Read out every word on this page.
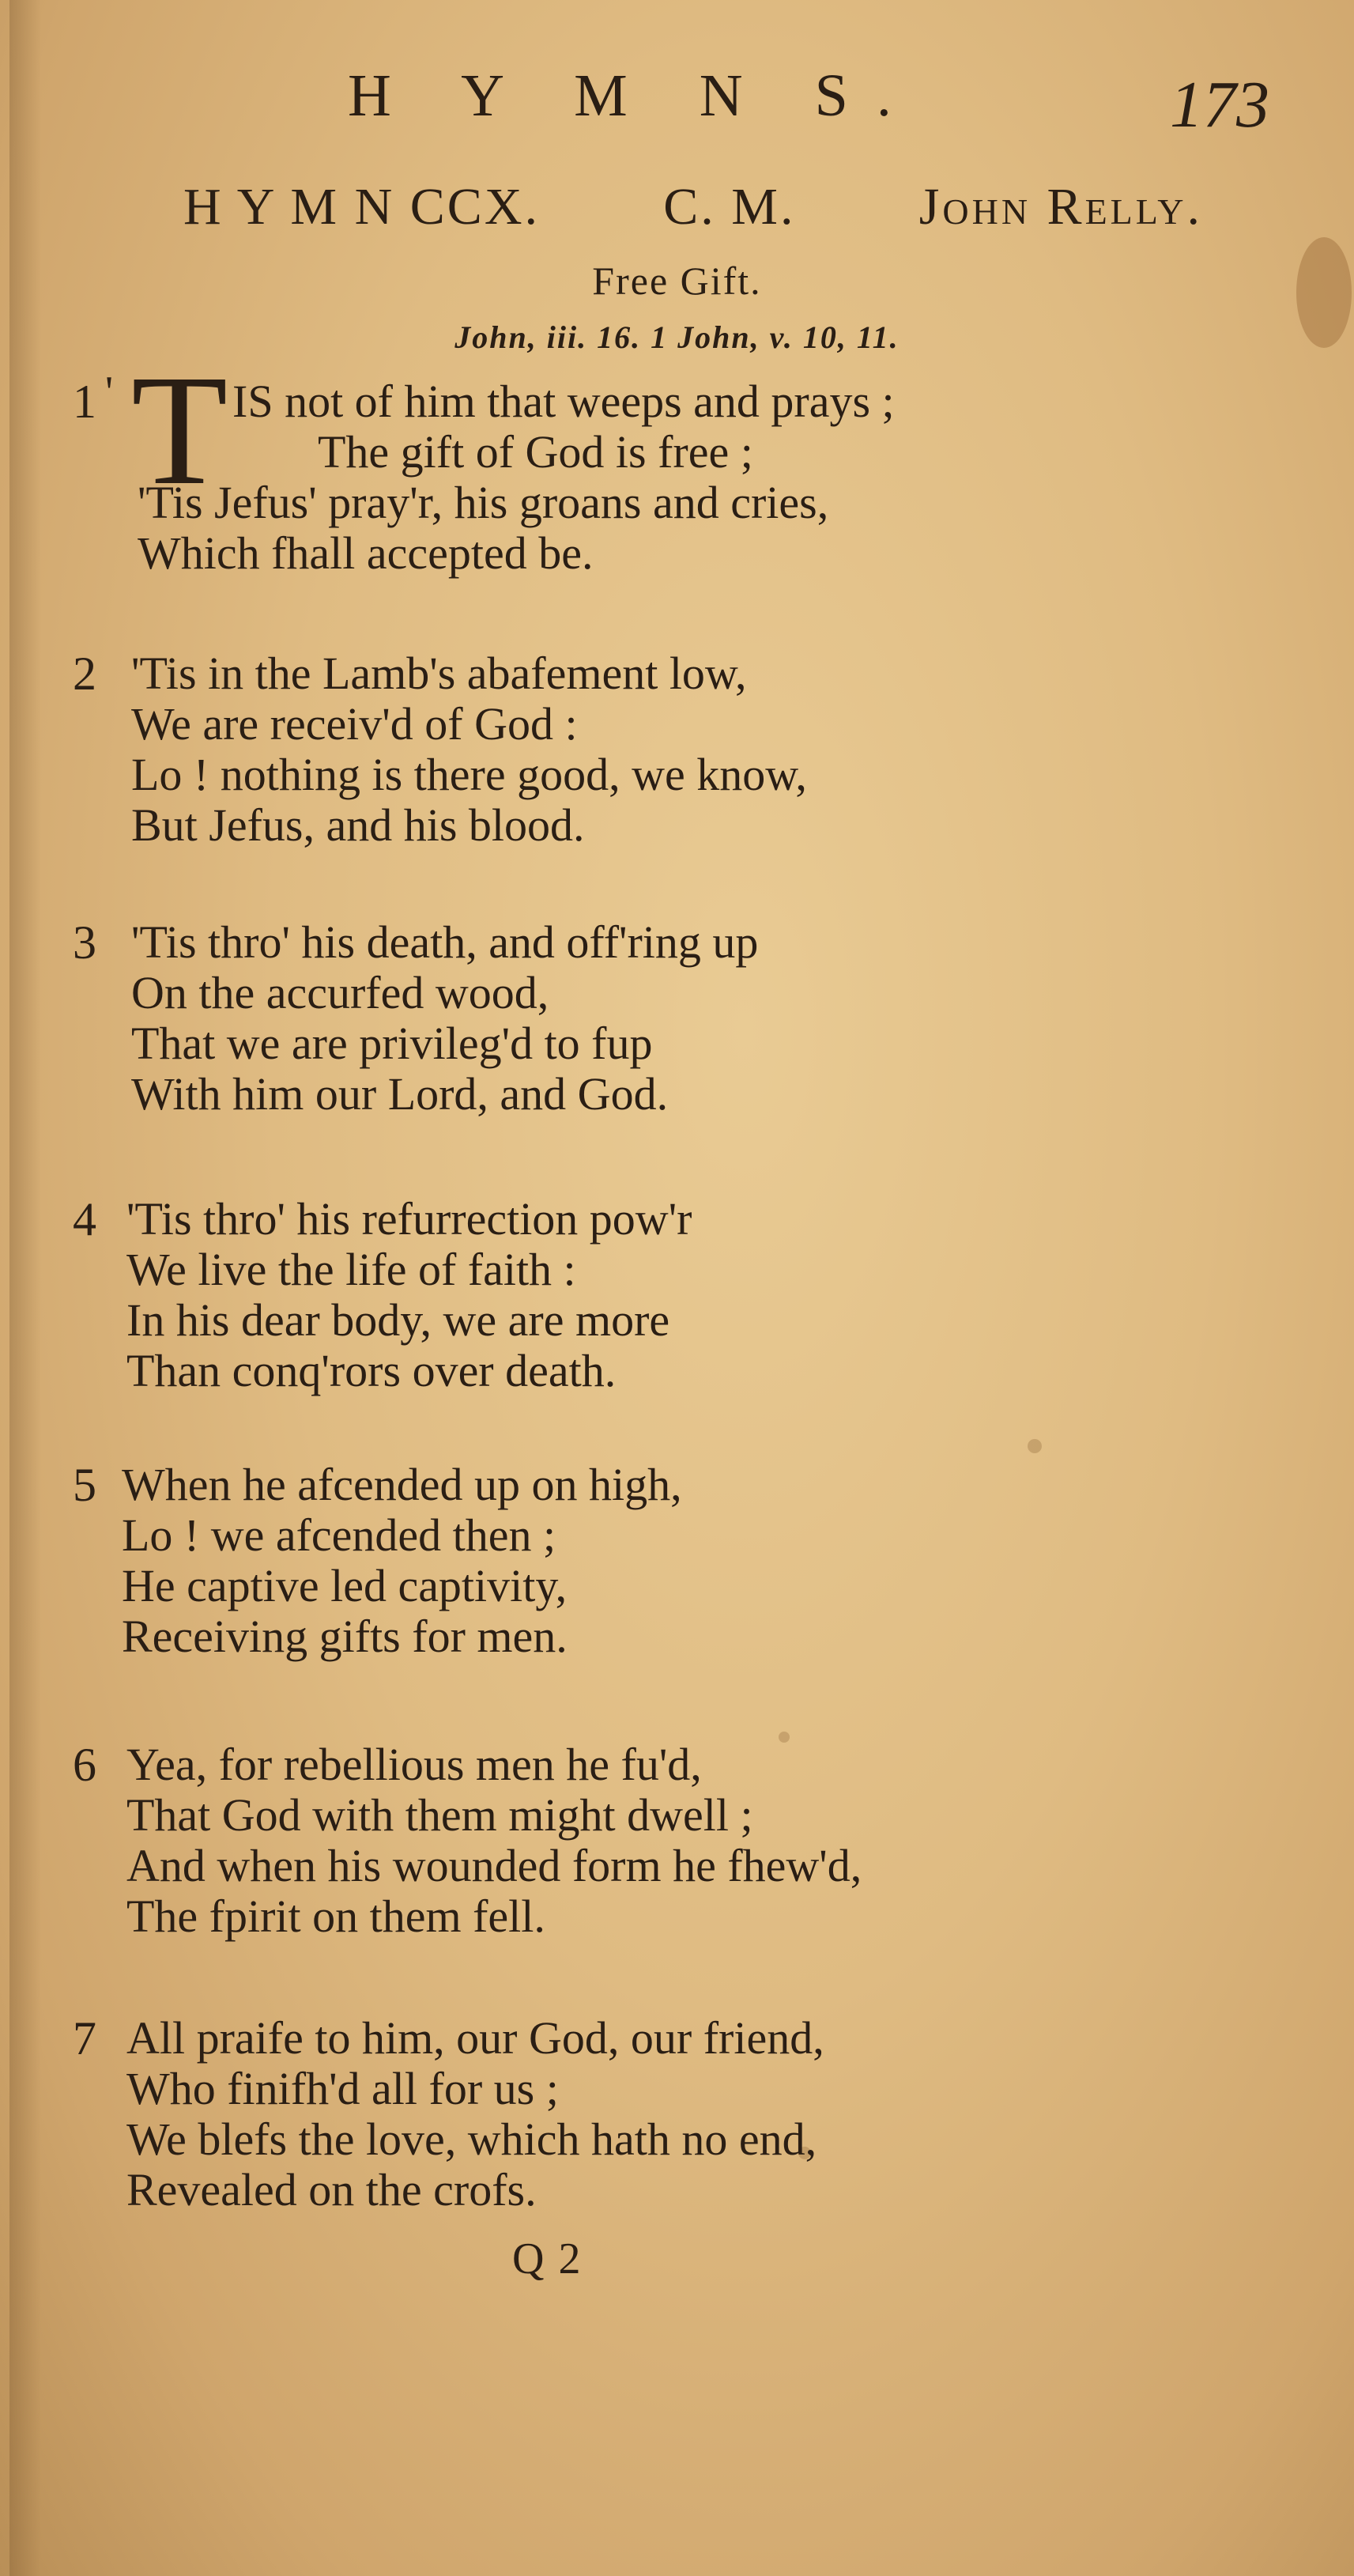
H Y M N S.	173
H Y M N CCX. C. M. John Relly.
Free Gift.
John, iii. 16. 1 John, v. 10, 11.
1 ' T IS not of him that weeps and prays ;
The gift of God is free ;
'Tis Jefus' pray'r, his groans and cries,
Which fhall accepted be.
2 'Tis in the Lamb's abafement low,
We are receiv'd of God :
Lo ! nothing is there good, we know,
But Jefus, and his blood.
3 'Tis thro' his death, and off'ring up
On the accurfed wood,
That we are privileg'd to fup
With him our Lord, and God.
4 'Tis thro' his refurrection pow'r
We live the life of faith :
In his dear body, we are more
Than conq'rors over death.
5 When he afcended up on high,
Lo ! we afcended then ;
He captive led captivity,
Receiving gifts for men.
6 Yea, for rebellious men he fu'd,
That God with them might dwell ;
And when his wounded form he fhew'd,
The fpirit on them fell.
7 All praife to him, our God, our friend,
Who finifh'd all for us ;
We blefs the love, which hath no end,
Revealed on the crofs.
Q 2
